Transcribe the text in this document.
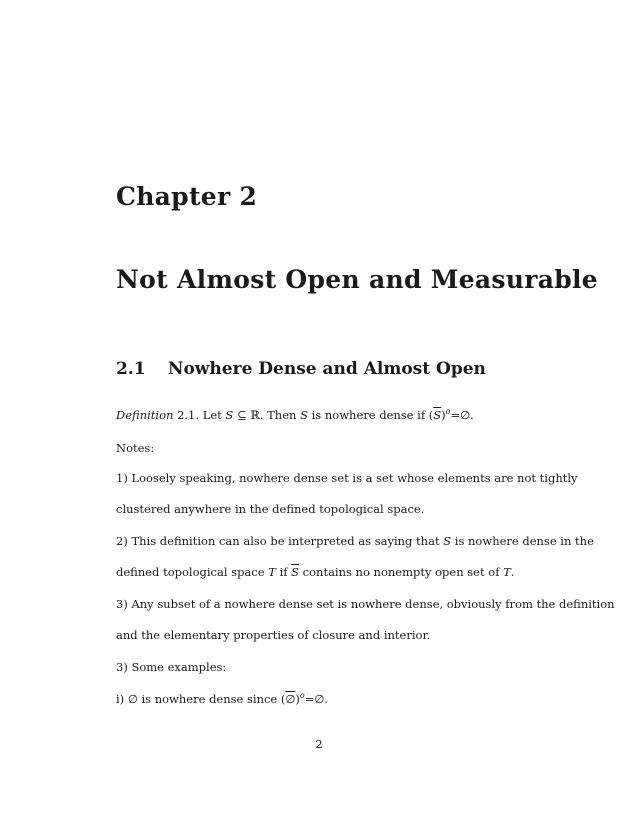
Chapter 2
Not Almost Open and Measurable
2.1 Nowhere Dense and Almost Open
Definition 2.1. Let S ⊆ ℝ. Then S is nowhere dense if $(\overline{S})^o=\emptyset$.
Notes:
1) Loosely speaking, nowhere dense set is a set whose elements are not tightly
clustered anywhere in the defined topological space.
2) This definition can also be interpreted as saying that S is nowhere dense in the
defined topological space T if $\overline{S}$ contains no nonempty open set of T.
3) Any subset of a nowhere dense set is nowhere dense, obviously from the definition
and the elementary properties of closure and interior.
3) Some examples:
i) ∅ is nowhere dense since (∅)$^o$=∅.
2
